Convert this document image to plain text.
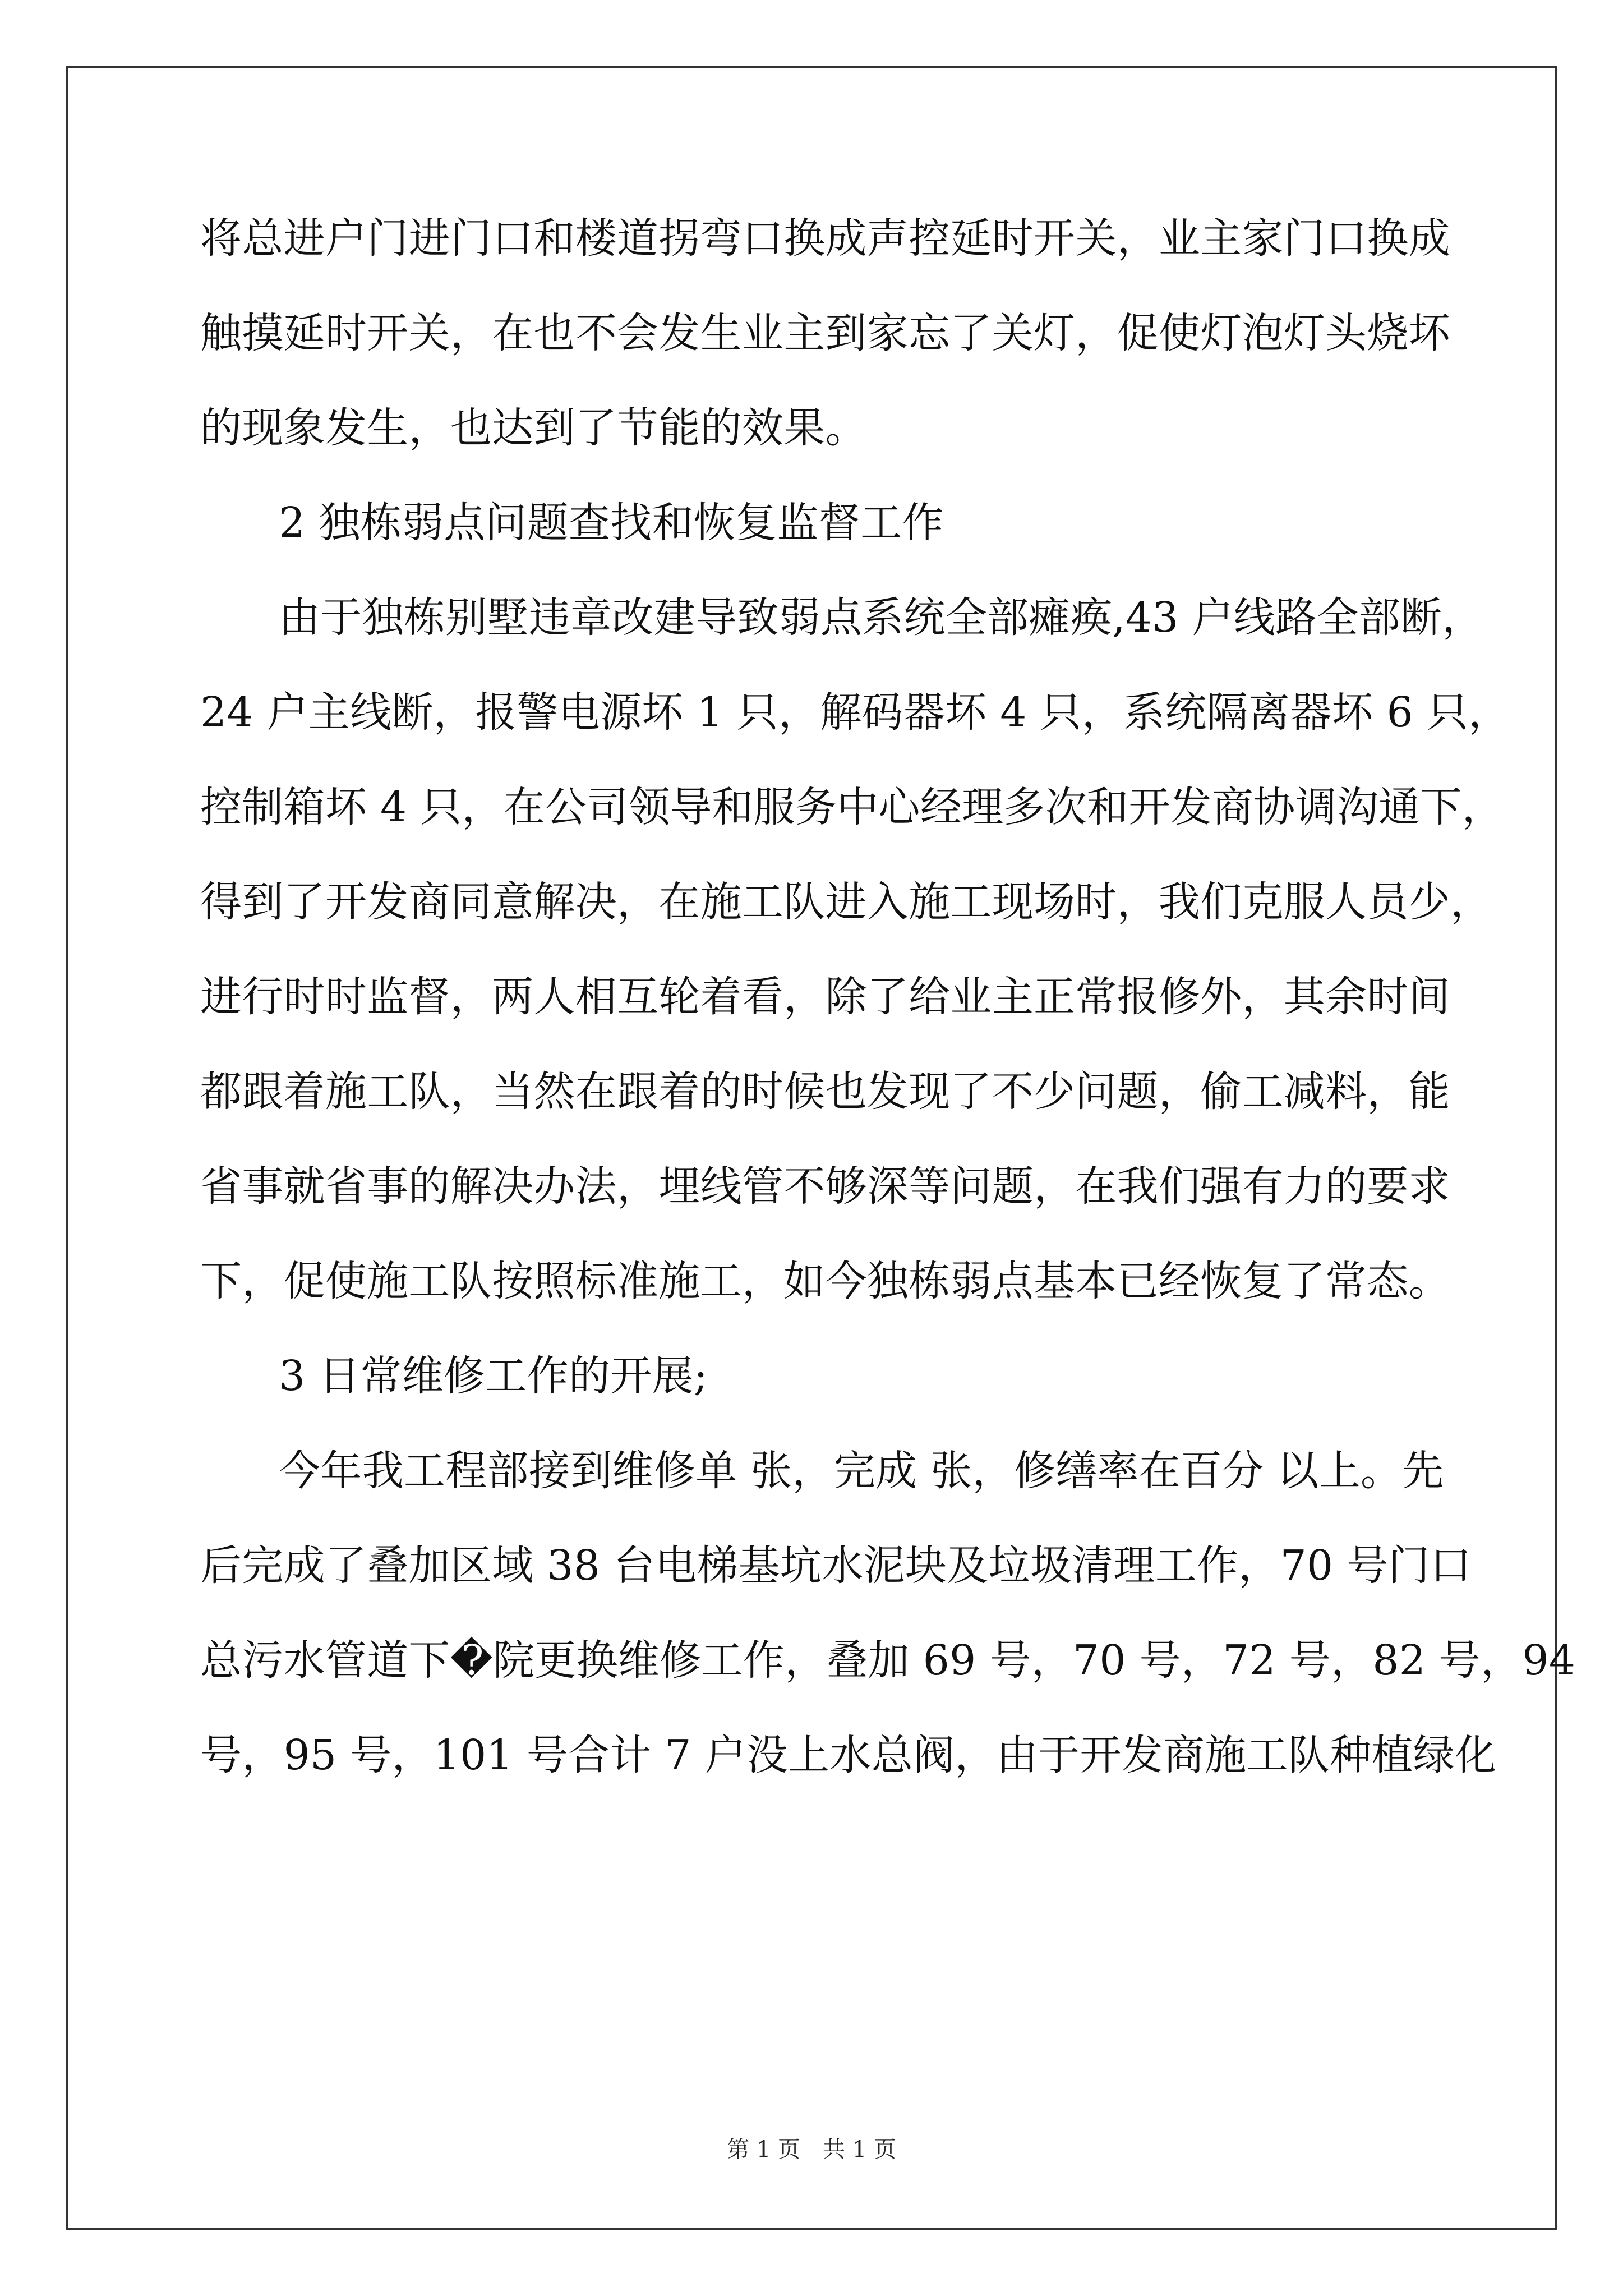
将总进户门进门口和楼道拐弯口换成声控延时开关，业主家门口换成
触摸延时开关，在也不会发生业主到家忘了关灯，促使灯泡灯头烧坏
的现象发生，也达到了节能的效果。
2 独栋弱点问题查找和恢复监督工作
由于独栋别墅违章改建导致弱点系统全部瘫痪,43 户线路全部断，
24 户主线断，报警电源坏 1 只，解码器坏 4 只，系统隔离器坏 6 只，
控制箱坏 4 只，在公司领导和服务中心经理多次和开发商协调沟通下，
得到了开发商同意解决，在施工队进入施工现场时，我们克服人员少，
进行时时监督，两人相互轮着看，除了给业主正常报修外，其余时间
都跟着施工队，当然在跟着的时候也发现了不少问题，偷工减料，能
省事就省事的解决办法，埋线管不够深等问题，在我们强有力的要求
下，促使施工队按照标准施工，如今独栋弱点基本已经恢复了常态。
3 日常维修工作的开展;
今年我工程部接到维修单 张，完成 张，修缮率在百分 以上。先
后完成了叠加区域 38 台电梯基坑水泥块及垃圾清理工作，70 号门口
总污水管道下�院更换维修工作，叠加 69 号，70 号，72 号，82 号，94
号，95 号，101 号合计 7 户没上水总阀，由于开发商施工队种植绿化
第 1 页　共 1 页
